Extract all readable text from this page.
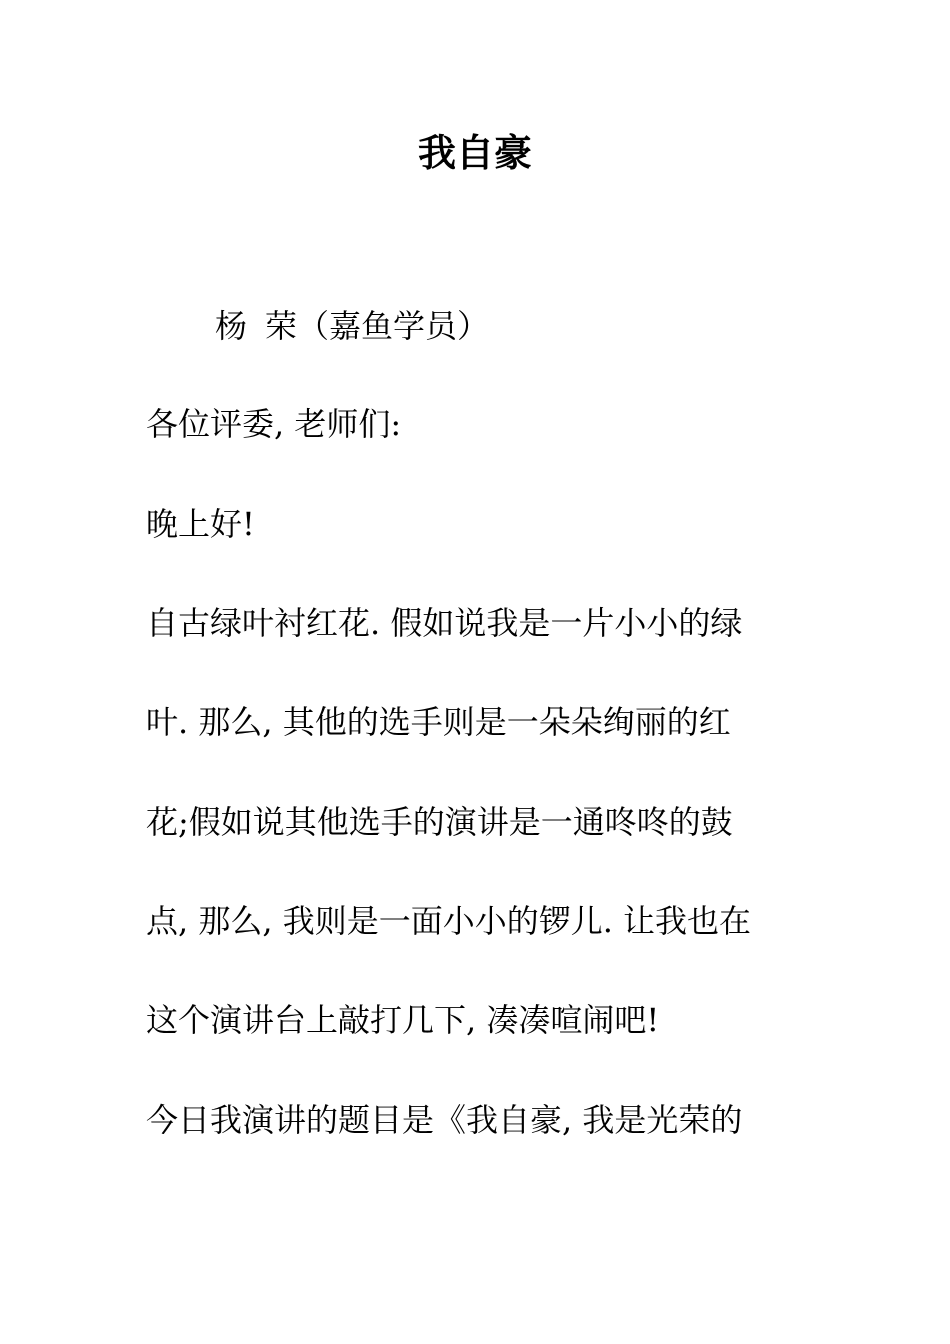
我自豪
杨 荣（嘉鱼学员）
各位评委, 老师们:
晚上好!
自古绿叶衬红花. 假如说我是一片小小的绿
叶. 那么, 其他的选手则是一朵朵绚丽的红
花;假如说其他选手的演讲是一通咚咚的鼓
点, 那么, 我则是一面小小的锣儿. 让我也在
这个演讲台上敲打几下, 凑凑喧闹吧!
今日我演讲的题目是《我自豪, 我是光荣的
